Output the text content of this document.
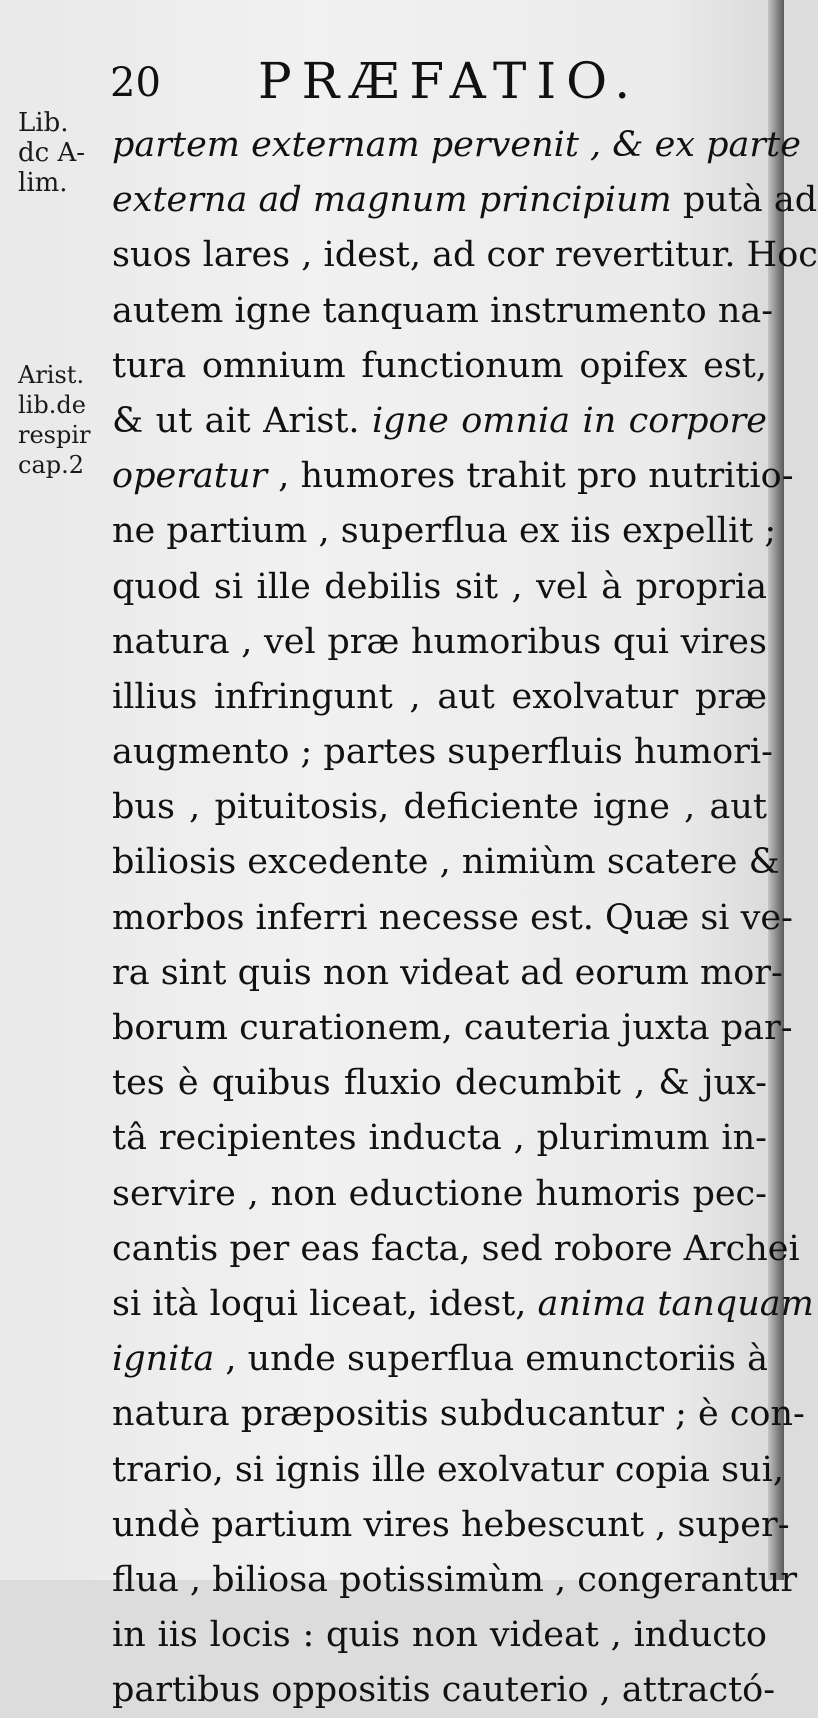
20 PRÆFATIO.
Lib.
dc A-
lim.
Arist.
lib.de
respir
cap.2
partem externam pervenit , & ex parte
externa ad magnum principium putà ad
suos lares , idest, ad cor revertitur. Hoc
autem igne tanquam instrumento na-
tura omnium functionum opifex est,
& ut ait Arist. igne omnia in corpore
operatur , humores trahit pro nutritio-
ne partium , superflua ex iis expellit ;
quod si ille debilis sit , vel à propria
natura , vel præ humoribus qui vires
illius infringunt , aut exolvatur præ
augmento ; partes superfluis humori-
bus , pituitosis, deficiente igne , aut
biliosis excedente , nimiùm scatere &
morbos inferri necesse est. Quæ si ve-
ra sint quis non videat ad eorum mor-
borum curationem, cauteria juxta par-
tes è quibus fluxio decumbit , & jux-
tâ recipientes inducta , plurimum in-
servire , non eductione humoris pec-
cantis per eas facta, sed robore Archei
si ità loqui liceat, idest, anima tanquam
ignita , unde superflua emunctoriis à
natura præpositis subducantur ; è con-
trario, si ignis ille exolvatur copia sui,
undè partium vires hebescunt , super-
flua , biliosa potissimùm , congerantur
in iis locis : quis non videat , inducto
partibus oppositis cauterio , attractó-
